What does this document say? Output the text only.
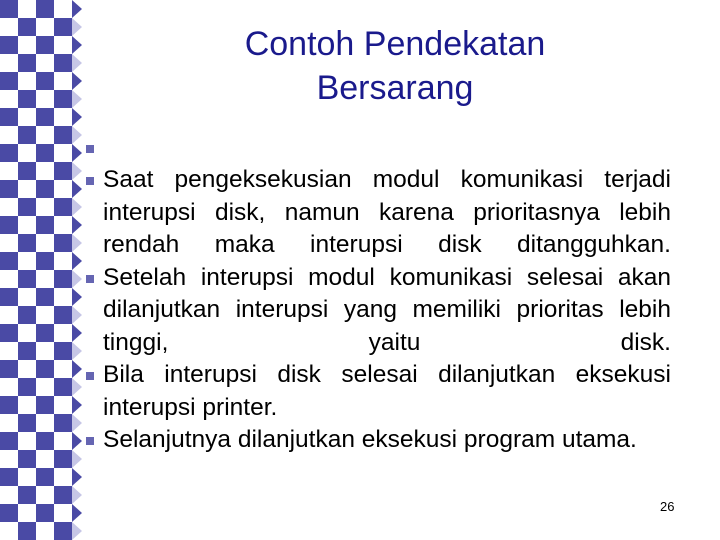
Contoh Pendekatan
Bersarang
Saat pengeksekusian modul komunikasi terjadi interupsi disk, namun karena prioritasnya lebih rendah maka interupsi disk ditangguhkan.
Setelah interupsi modul komunikasi selesai akan dilanjutkan interupsi yang memiliki prioritas lebih tinggi, yaitu disk.
Bila interupsi disk selesai dilanjutkan eksekusi interupsi printer.
Selanjutnya dilanjutkan eksekusi program utama.
26
